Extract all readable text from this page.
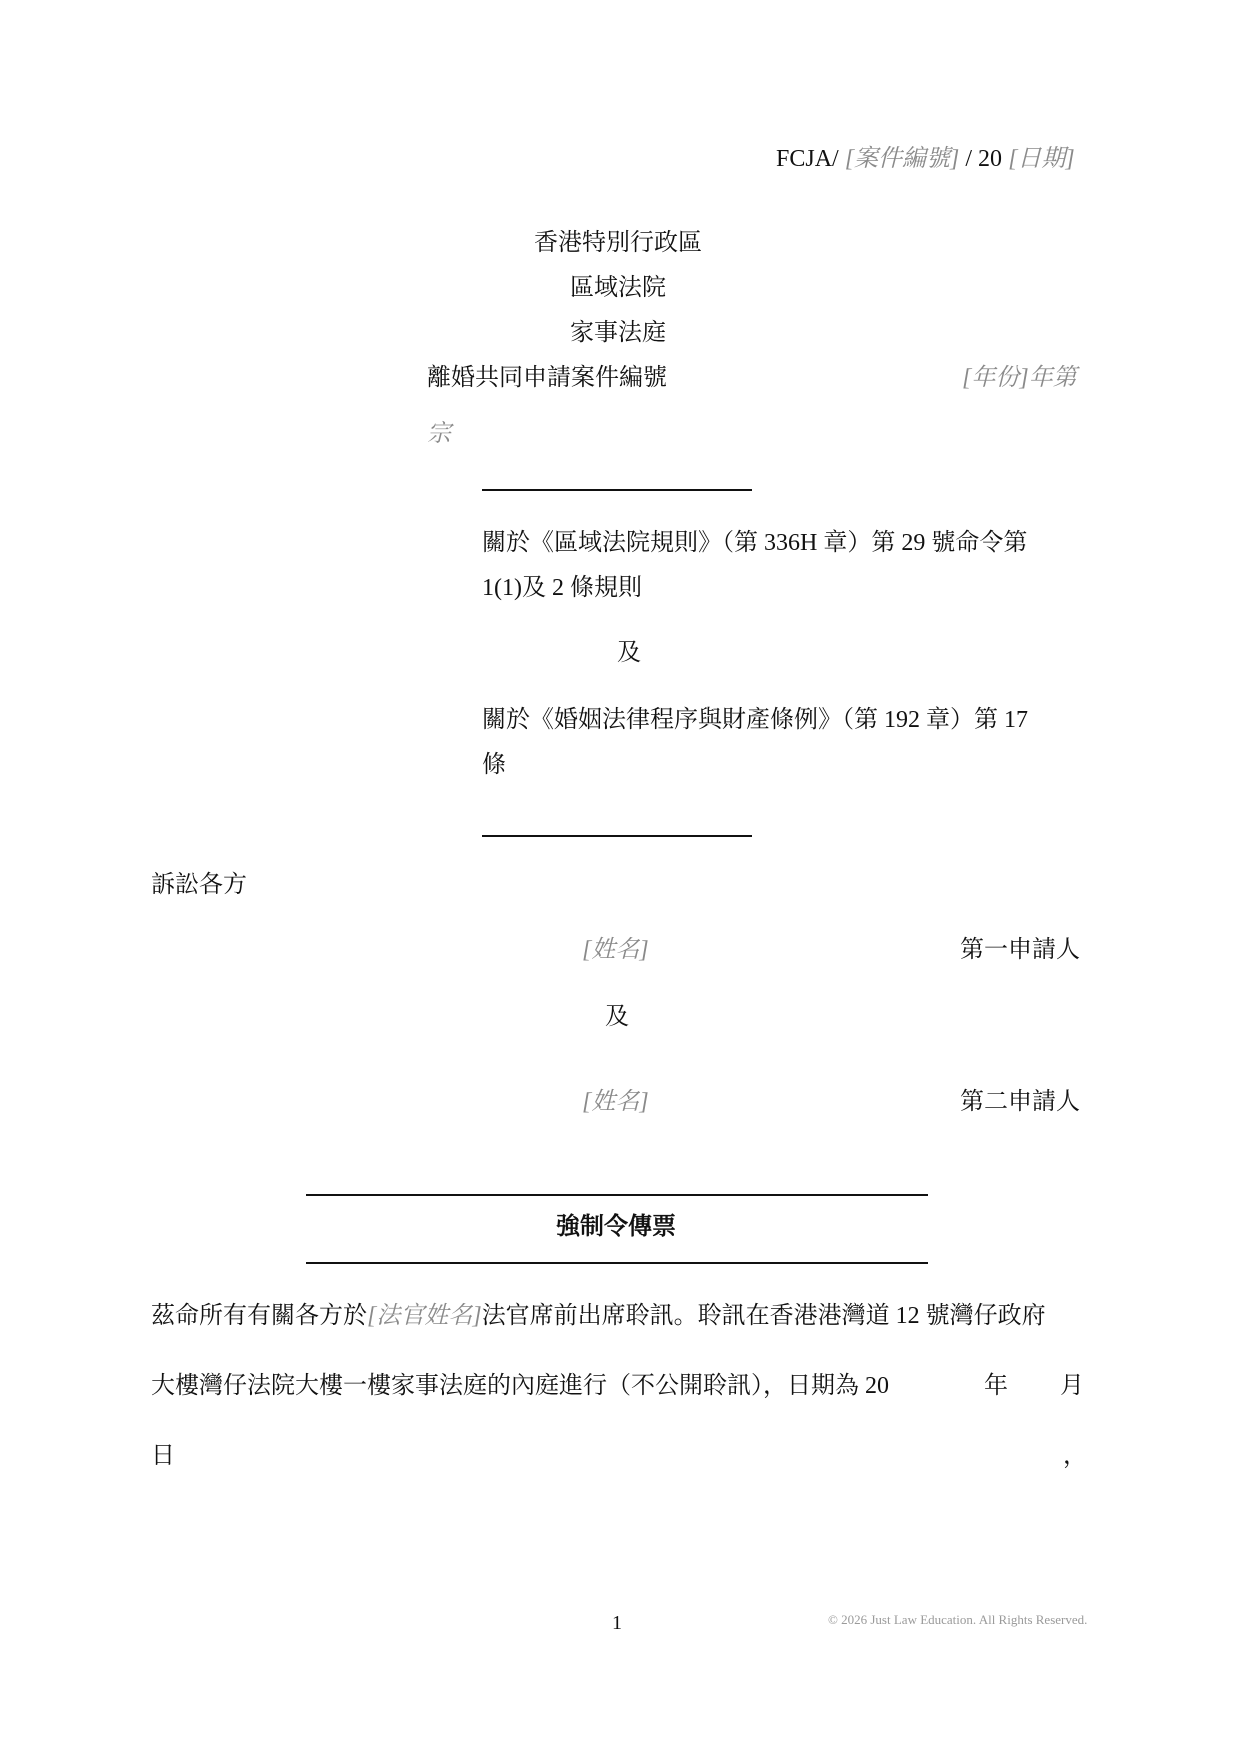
FCJA/ [案件編號] / 20 [日期]
香港特別行政區
區域法院
家事法庭
離婚共同申請案件編號	[年份]年第
宗
關於《區域法院規則》（第 336H 章）第 29 號命令第
1(1)及 2 條規則
及
關於《婚姻法律程序與財產條例》（第 192 章）第 17
條
訴訟各方
[姓名]	第一申請人
及
[姓名]	第二申請人
強制令傳票
茲命所有有關各方於[法官姓名]法官席前出席聆訊。聆訊在香港港灣道 12 號灣仔政府
大樓灣仔法院大樓一樓家事法庭的內庭進行（不公開聆訊），日期為 20	年 月
日	，
1	© 2026 Just Law Education. All Rights Reserved.
